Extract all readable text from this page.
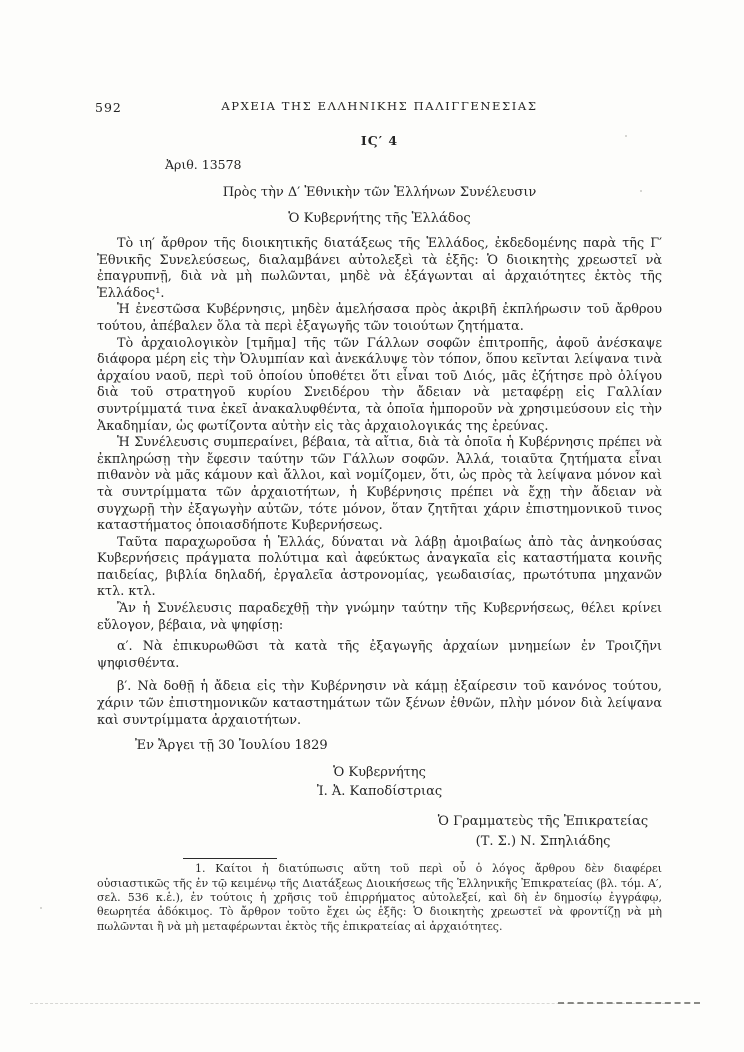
592	ΑΡΧΕΙΑ ΤΗΣ ΕΛΛΗΝΙΚΗΣ ΠΑΛΙΓΓΕΝΕΣΙΑΣ
ΙϚ′ 4
Ἀριθ. 13578
Πρὸς τὴν Δ′ Ἐθνικὴν τῶν Ἑλλήνων Συνέλευσιν
Ὁ Κυβερνήτης τῆς Ἑλλάδος

Τὸ ιη′ ἄρθρον τῆς διοικητικῆς διατάξεως τῆς Ἑλλάδος, ἐκδεδομένης παρὰ τῆς Γ′ Ἐθνικῆς Συνελεύσεως, διαλαμβάνει αὐτολεξεὶ τὰ ἑξῆς: Ὁ διοικητὴς χρεωστεῖ νὰ ἐπαγρυπνῇ, διὰ νὰ μὴ πωλῶνται, μηδὲ νὰ ἐξάγωνται αἱ ἀρχαιότητες ἐκτὸς τῆς Ἑλλάδος¹.

Ἡ ἐνεστῶσα Κυβέρνησις, μηδὲν ἀμελήσασα πρὸς ἀκριβῆ ἐκπλήρωσιν τοῦ ἄρθρου τούτου, ἀπέβαλεν ὅλα τὰ περὶ ἐξαγωγῆς τῶν τοιούτων ζητήματα.

Τὸ ἀρχαιολογικὸν [τμῆμα] τῆς τῶν Γάλλων σοφῶν ἐπιτροπῆς, ἀφοῦ ἀνέσκαψε διάφορα μέρη εἰς τὴν Ὀλυμπίαν καὶ ἀνεκάλυψε τὸν τόπον, ὅπου κεῖνται λείψανα τινὰ ἀρχαίου ναοῦ, περὶ τοῦ ὁποίου ὑποθέτει ὅτι εἶναι τοῦ Διός, μᾶς ἐζήτησε πρὸ ὀλίγου διὰ τοῦ στρατηγοῦ κυρίου Σνειδέρου τὴν ἄδειαν νὰ μεταφέρῃ εἰς Γαλλίαν συντρίμματά τινα ἐκεῖ ἀνακαλυφθέντα, τὰ ὁποῖα ἠμποροῦν νὰ χρησιμεύσουν εἰς τὴν Ἀκαδημίαν, ὡς φωτίζοντα αὐτὴν εἰς τὰς ἀρχαιολογικάς της ἐρεύνας.

Ἡ Συνέλευσις συμπεραίνει, βέβαια, τὰ αἴτια, διὰ τὰ ὁποῖα ἡ Κυβέρνησις πρέπει νὰ ἐκπληρώσῃ τὴν ἔφεσιν ταύτην τῶν Γάλλων σοφῶν. Ἀλλά, τοιαῦτα ζητήματα εἶναι πιθανὸν νὰ μᾶς κάμουν καὶ ἄλλοι, καὶ νομίζομεν, ὅτι, ὡς πρὸς τὰ λείψανα μόνον καὶ τὰ συντρίμματα τῶν ἀρχαιοτήτων, ἡ Κυβέρνησις πρέπει νὰ ἔχῃ τὴν ἄδειαν νὰ συγχωρῇ τὴν ἐξαγωγὴν αὐτῶν, τότε μόνον, ὅταν ζητῆται χάριν ἐπιστημονικοῦ τινος καταστήματος ὁποιασδήποτε Κυβερνήσεως.

Ταῦτα παραχωροῦσα ἡ Ἑλλάς, δύναται νὰ λάβῃ ἀμοιβαίως ἀπὸ τὰς ἀνηκούσας Κυβερνήσεις πράγματα πολύτιμα καὶ ἀφεύκτως ἀναγκαῖα εἰς καταστήματα κοινῆς παιδείας, βιβλία δηλαδή, ἐργαλεῖα ἀστρονομίας, γεωδαισίας, πρωτότυπα μηχανῶν κτλ. κτλ.

Ἂν ἡ Συνέλευσις παραδεχθῇ τὴν γνώμην ταύτην τῆς Κυβερνήσεως, θέλει κρίνει εὔλογον, βέβαια, νὰ ψηφίσῃ:

α′. Νὰ ἐπικυρωθῶσι τὰ κατὰ τῆς ἐξαγωγῆς ἀρχαίων μνημείων ἐν Τροιζῆνι ψηφισθέντα.

β′. Νὰ δοθῇ ἡ ἄδεια εἰς τὴν Κυβέρνησιν νὰ κάμῃ ἐξαίρεσιν τοῦ κανόνος τούτου, χάριν τῶν ἐπιστημονικῶν καταστημάτων τῶν ξένων ἐθνῶν, πλὴν μόνον διὰ λείψανα καὶ συντρίμματα ἀρχαιοτήτων.

Ἐν Ἄργει τῇ 30 Ἰουλίου 1829
Ὁ Κυβερνήτης
Ἰ. Ἀ. Καποδίστριας
Ὁ Γραμματεὺς τῆς Ἐπικρατείας
(Τ. Σ.) Ν. Σπηλιάδης
1. Καίτοι ἡ διατύπωσις αὕτη τοῦ περὶ οὗ ὁ λόγος ἄρθρου δὲν διαφέρει οὐσιαστικῶς τῆς ἐν τῷ κειμένῳ τῆς Διατάξεως Διοικήσεως τῆς Ἑλληνικῆς Ἐπικρατείας (βλ. τόμ. Α′, σελ. 536 κ.ἑ.), ἐν τούτοις ἡ χρῆσις τοῦ ἐπιρρήματος αὐτολεξεί, καὶ δὴ ἐν δημοσίῳ ἐγγράφῳ, θεωρητέα ἀδόκιμος. Τὸ ἄρθρον τοῦτο ἔχει ὡς ἑξῆς: Ὁ διοικητὴς χρεωστεῖ νὰ φροντίζῃ νὰ μὴ πωλῶνται ἢ νὰ μὴ μεταφέρωνται ἐκτὸς τῆς ἐπικρατείας αἱ ἀρχαιότητες.
